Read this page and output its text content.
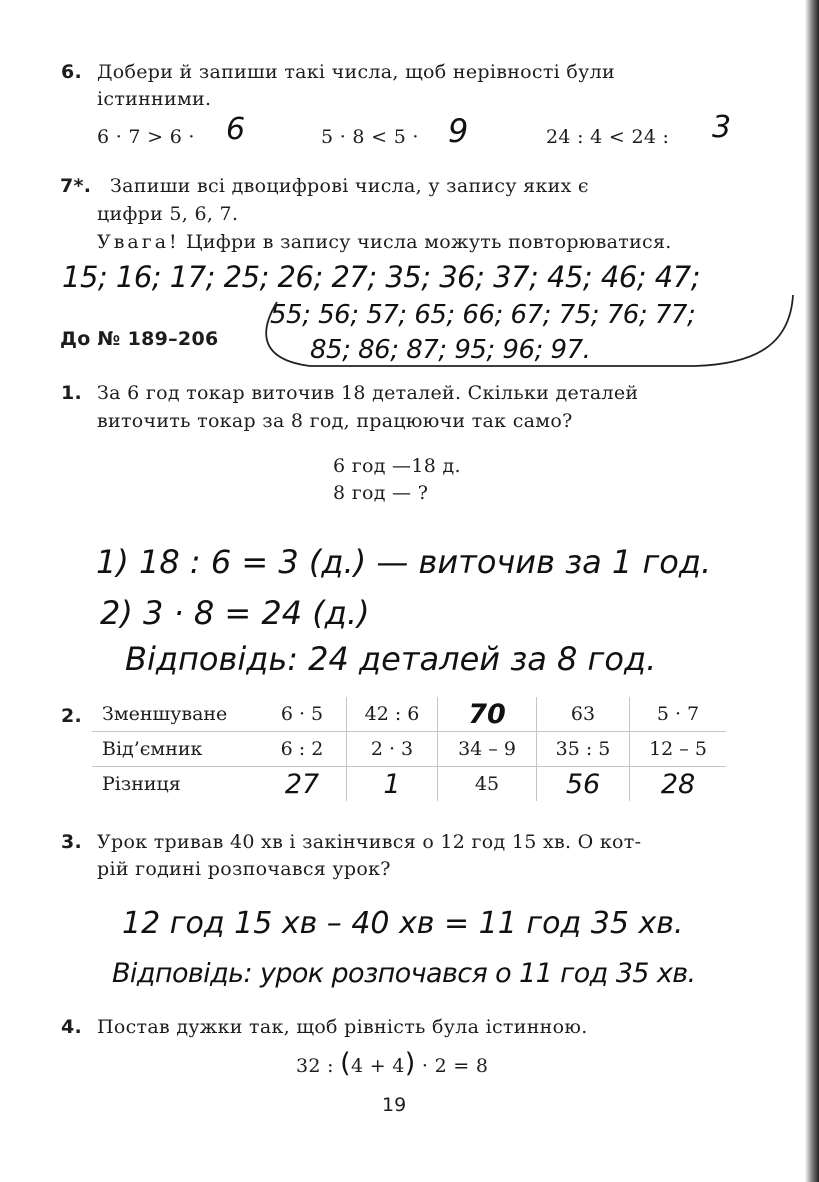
6. Добери й запиши такі числа, щоб нерівності були
істинними.
6 · 7 > 6 · 6	5 · 8 < 5 · 9	24 : 4 < 24 : 3
7*. Запиши всі двоцифрові числа, у запису яких є
цифри 5, 6, 7.
Увага! Цифри в запису числа можуть повторюватися.
15; 16; 17; 25; 26; 27; 35; 36; 37; 45; 46; 47;
55; 56; 57; 65; 66; 67; 75; 76; 77;
85; 86; 87; 95; 96; 97.
До № 189–206
1. За 6 год токар виточив 18 деталей. Скільки деталей
виточить токар за 8 год, працюючи так само?
6 год —18 д.
8 год — ?
1) 18 : 6 = 3 (д.) — виточив за 1 год.
2) 3 · 8 = 24 (д.)
Відповідь: 24 деталей за 8 год.
2. Зменшуване	6 · 5	42 : 6	70	63	5 · 7
Від’ємник	6 : 2	2 · 3	34 – 9	35 : 5	12 – 5
Різниця	27	1	45	56	28
3. Урок тривав 40 хв і закінчився о 12 год 15 хв. О кот-
рій годині розпочався урок?
12 год 15 хв – 40 хв = 11 год 35 хв.
Відповідь: урок розпочався о 11 год 35 хв.
4. Постав дужки так, щоб рівність була істинною.
32 : (4 + 4) · 2 = 8
19
